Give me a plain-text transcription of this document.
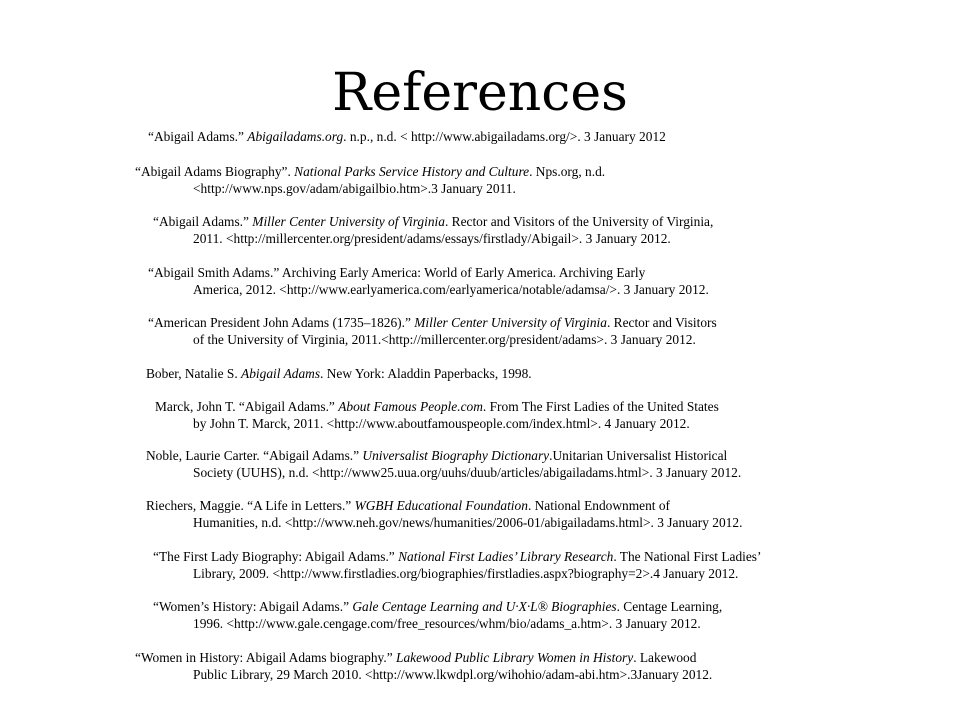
References
“Abigail Adams.” Abigailadams.org. n.p., n.d. < http://www.abigailadams.org/>. 3 January 2012
“Abigail Adams Biography”. National Parks Service History and Culture. Nps.org, n.d.
<http://www.nps.gov/adam/abigailbio.htm>.3 January 2011.
“Abigail Adams.” Miller Center University of Virginia. Rector and Visitors of the University of Virginia,
2011. <http://millercenter.org/president/adams/essays/firstlady/Abigail>. 3 January 2012.
“Abigail Smith Adams.” Archiving Early America: World of Early America. Archiving Early
America, 2012. <http://www.earlyamerica.com/earlyamerica/notable/adamsa/>. 3 January 2012.
“American President John Adams (1735–1826).” Miller Center University of Virginia. Rector and Visitors
of the University of Virginia, 2011.<http://millercenter.org/president/adams>. 3 January 2012.
Bober, Natalie S. Abigail Adams. New York: Aladdin Paperbacks, 1998.
Marck, John T. “Abigail Adams.” About Famous People.com. From The First Ladies of the United States
by John T. Marck, 2011. <http://www.aboutfamouspeople.com/index.html>. 4 January 2012.
Noble, Laurie Carter. “Abigail Adams.” Universalist Biography Dictionary.Unitarian Universalist Historical
Society (UUHS), n.d. <http://www25.uua.org/uuhs/duub/articles/abigailadams.html>. 3 January 2012.
Riechers, Maggie. “A Life in Letters.” WGBH Educational Foundation. National Endownment of
Humanities, n.d. <http://www.neh.gov/news/humanities/2006-01/abigailadams.html>. 3 January 2012.
“The First Lady Biography: Abigail Adams.” National First Ladies’ Library Research. The National First Ladies’
Library, 2009. <http://www.firstladies.org/biographies/firstladies.aspx?biography=2>.4 January 2012.
“Women’s History: Abigail Adams.” Gale Centage Learning and U·X·L® Biographies. Centage Learning,
1996. <http://www.gale.cengage.com/free_resources/whm/bio/adams_a.htm>. 3 January 2012.
“Women in History: Abigail Adams biography.” Lakewood Public Library Women in History. Lakewood
Public Library, 29 March 2010. <http://www.lkwdpl.org/wihohio/adam-abi.htm>.3January 2012.
